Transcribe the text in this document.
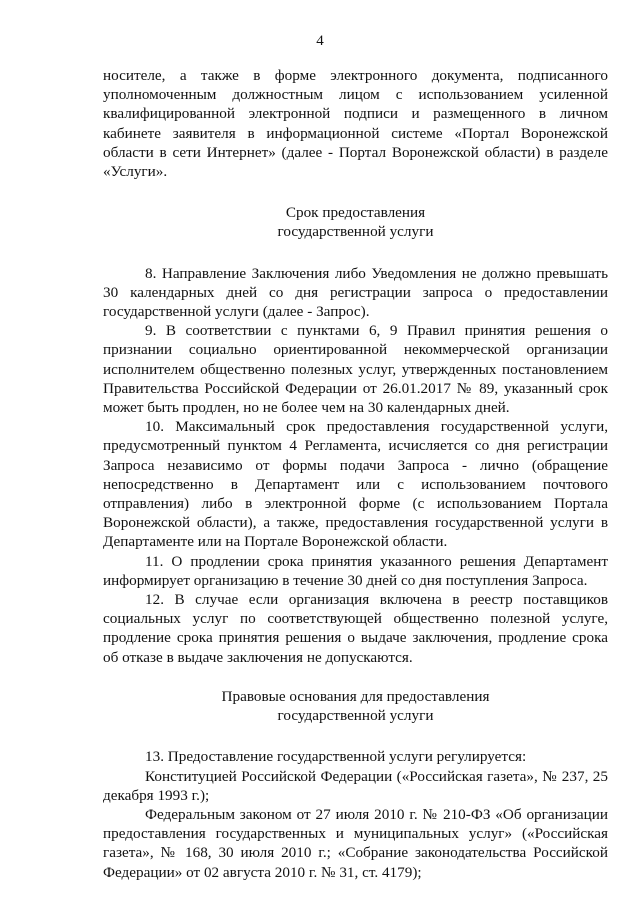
4

носителе, а также в форме электронного документа, подписанного уполномоченным должностным лицом с использованием усиленной квалифицированной электронной подписи и размещенного в личном кабинете заявителя в информационной системе «Портал Воронежской области в сети Интернет» (далее - Портал Воронежской области) в разделе «Услуги».

Срок предоставления

государственной услуги

8. Направление Заключения либо Уведомления не должно превышать 30 календарных дней со дня регистрации запроса о предоставлении государственной услуги (далее - Запрос).

9. В соответствии с пунктами 6, 9 Правил принятия решения о признании социально ориентированной некоммерческой организации исполнителем общественно полезных услуг, утвержденных постановлением Правительства Российской Федерации от 26.01.2017 № 89, указанный срок может быть продлен, но не более чем на 30 календарных дней.

10. Максимальный срок предоставления государственной услуги, предусмотренный пунктом 4 Регламента, исчисляется со дня регистрации Запроса независимо от формы подачи Запроса - лично (обращение непосредственно в Департамент или с использованием почтового отправления) либо в электронной форме (с использованием Портала Воронежской области), а также, предоставления государственной услуги в Департаменте или на Портале Воронежской области.

11. О продлении срока принятия указанного решения Департамент информирует организацию в течение 30 дней со дня поступления Запроса.

12. В случае если организация включена в реестр поставщиков социальных услуг по соответствующей общественно полезной услуге, продление срока принятия решения о выдаче заключения, продление срока об отказе в выдаче заключения не допускаются.

Правовые основания для предоставления

государственной услуги

13. Предоставление государственной услуги регулируется:

Конституцией Российской Федерации («Российская газета», № 237, 25 декабря 1993 г.);

Федеральным законом от 27 июля 2010 г. № 210-ФЗ «Об организации предоставления государственных и муниципальных услуг» («Российская газета», № 168, 30 июля 2010 г.; «Собрание законодательства Российской Федерации» от 02 августа 2010 г. № 31, ст. 4179);
